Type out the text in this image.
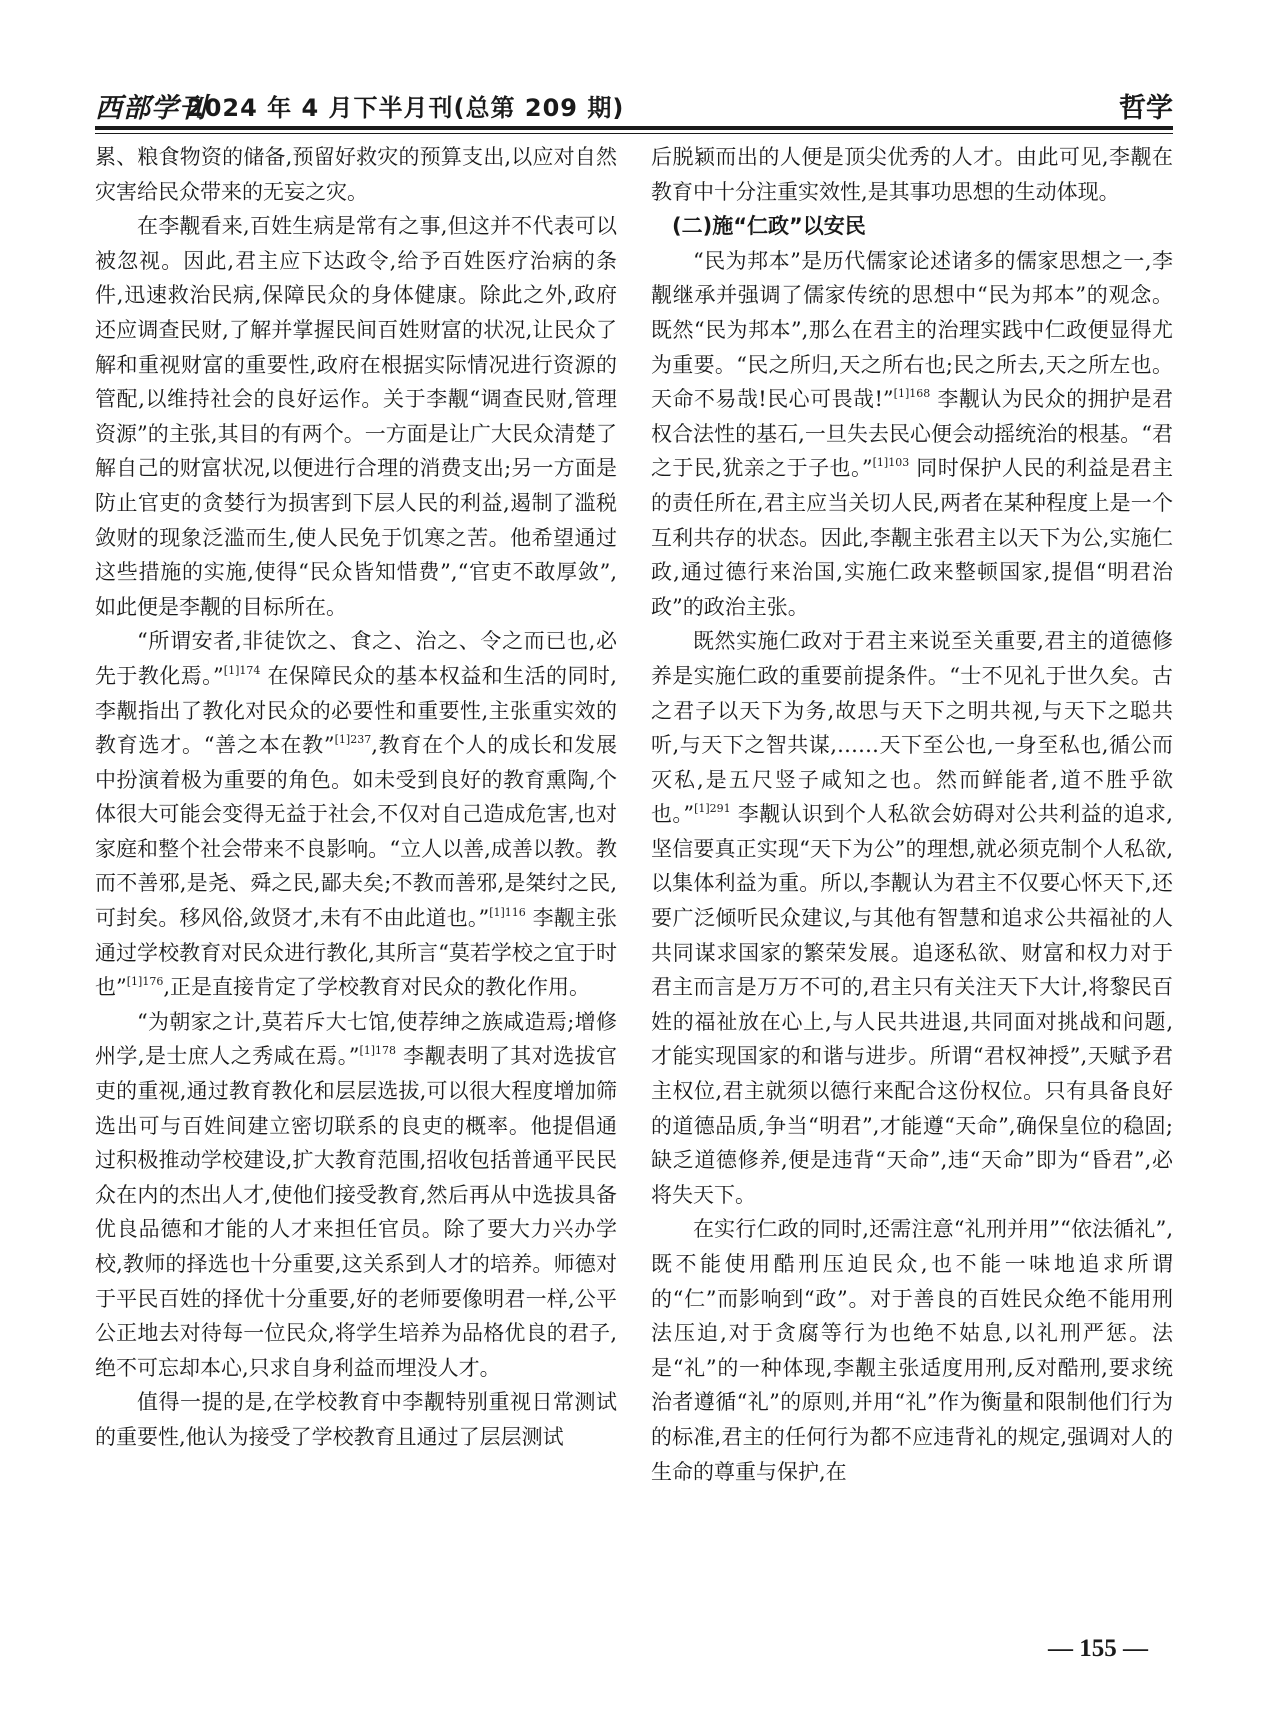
西部学刊
2024 年 4 月下半月刊(总第 209 期)	哲学

累、粮食物资的储备,预留好救灾的预算支出,以应对自然灾害给民众带来的无妄之灾。

在李觏看来,百姓生病是常有之事,但这并不代表可以被忽视。因此,君主应下达政令,给予百姓医疗治病的条件,迅速救治民病,保障民众的身体健康。除此之外,政府还应调查民财,了解并掌握民间百姓财富的状况,让民众了解和重视财富的重要性,政府在根据实际情况进行资源的管配,以维持社会的良好运作。关于李觏“调查民财,管理资源”的主张,其目的有两个。一方面是让广大民众清楚了解自己的财富状况,以便进行合理的消费支出;另一方面是防止官吏的贪婪行为损害到下层人民的利益,遏制了滥税敛财的现象泛滥而生,使人民免于饥寒之苦。他希望通过这些措施的实施,使得“民众皆知惜费”,“官吏不敢厚敛”,如此便是李觏的目标所在。

“所谓安者,非徒饮之、食之、治之、令之而已也,必先于教化焉。”$^{[1]174}$ 在保障民众的基本权益和生活的同时,李觏指出了教化对民众的必要性和重要性,主张重实效的教育选才。“善之本在教”$^{[1]237}$,教育在个人的成长和发展中扮演着极为重要的角色。如未受到良好的教育熏陶,个体很大可能会变得无益于社会,不仅对自己造成危害,也对家庭和整个社会带来不良影响。“立人以善,成善以教。教而不善邪,是尧、舜之民,鄙夫矣;不教而善邪,是桀纣之民,可封矣。移风俗,敛贤才,未有不由此道也。”$^{[1]116}$ 李觏主张通过学校教育对民众进行教化,其所言“莫若学校之宜于时也”$^{[1]176}$,正是直接肯定了学校教育对民众的教化作用。

“为朝家之计,莫若斥大七馆,使荐绅之族咸造焉;增修州学,是士庶人之秀咸在焉。”$^{[1]178}$ 李觏表明了其对选拔官吏的重视,通过教育教化和层层选拔,可以很大程度增加筛选出可与百姓间建立密切联系的良吏的概率。他提倡通过积极推动学校建设,扩大教育范围,招收包括普通平民民众在内的杰出人才,使他们接受教育,然后再从中选拔具备优良品德和才能的人才来担任官员。除了要大力兴办学校,教师的择选也十分重要,这关系到人才的培养。师德对于平民百姓的择优十分重要,好的老师要像明君一样,公平公正地去对待每一位民众,将学生培养为品格优良的君子,绝不可忘却本心,只求自身利益而埋没人才。

值得一提的是,在学校教育中李觏特别重视日常测试的重要性,他认为接受了学校教育且通过了层层测试

后脱颖而出的人便是顶尖优秀的人才。由此可见,李觏在教育中十分注重实效性,是其事功思想的生动体现。

(二)施“仁政”以安民

“民为邦本”是历代儒家论述诸多的儒家思想之一,李觏继承并强调了儒家传统的思想中“民为邦本”的观念。既然“民为邦本”,那么在君主的治理实践中仁政便显得尤为重要。“民之所归,天之所右也;民之所去,天之所左也。天命不易哉!民心可畏哉!”$^{[1]168}$ 李觏认为民众的拥护是君权合法性的基石,一旦失去民心便会动摇统治的根基。“君之于民,犹亲之于子也。”$^{[1]103}$ 同时保护人民的利益是君主的责任所在,君主应当关切人民,两者在某种程度上是一个互利共存的状态。因此,李觏主张君主以天下为公,实施仁政,通过德行来治国,实施仁政来整顿国家,提倡“明君治政”的政治主张。

既然实施仁政对于君主来说至关重要,君主的道德修养是实施仁政的重要前提条件。“士不见礼于世久矣。古之君子以天下为务,故思与天下之明共视,与天下之聪共听,与天下之智共谋,……天下至公也,一身至私也,循公而灭私,是五尺竖子咸知之也。然而鲜能者,道不胜乎欲也。”$^{[1]291}$ 李觏认识到个人私欲会妨碍对公共利益的追求,坚信要真正实现“天下为公”的理想,就必须克制个人私欲,以集体利益为重。所以,李觏认为君主不仅要心怀天下,还要广泛倾听民众建议,与其他有智慧和追求公共福祉的人共同谋求国家的繁荣发展。追逐私欲、财富和权力对于君主而言是万万不可的,君主只有关注天下大计,将黎民百姓的福祉放在心上,与人民共进退,共同面对挑战和问题,才能实现国家的和谐与进步。所谓“君权神授”,天赋予君主权位,君主就须以德行来配合这份权位。只有具备良好的道德品质,争当“明君”,才能遵“天命”,确保皇位的稳固;缺乏道德修养,便是违背“天命”,违“天命”即为“昏君”,必将失天下。

在实行仁政的同时,还需注意“礼刑并用”“依法循礼”,既不能使用酷刑压迫民众,也不能一味地追求所谓的“仁”而影响到“政”。对于善良的百姓民众绝不能用刑法压迫,对于贪腐等行为也绝不姑息,以礼刑严惩。法是“礼”的一种体现,李觏主张适度用刑,反对酷刑,要求统治者遵循“礼”的原则,并用“礼”作为衡量和限制他们行为的标准,君主的任何行为都不应违背礼的规定,强调对人的生命的尊重与保护,在

— 155 —
